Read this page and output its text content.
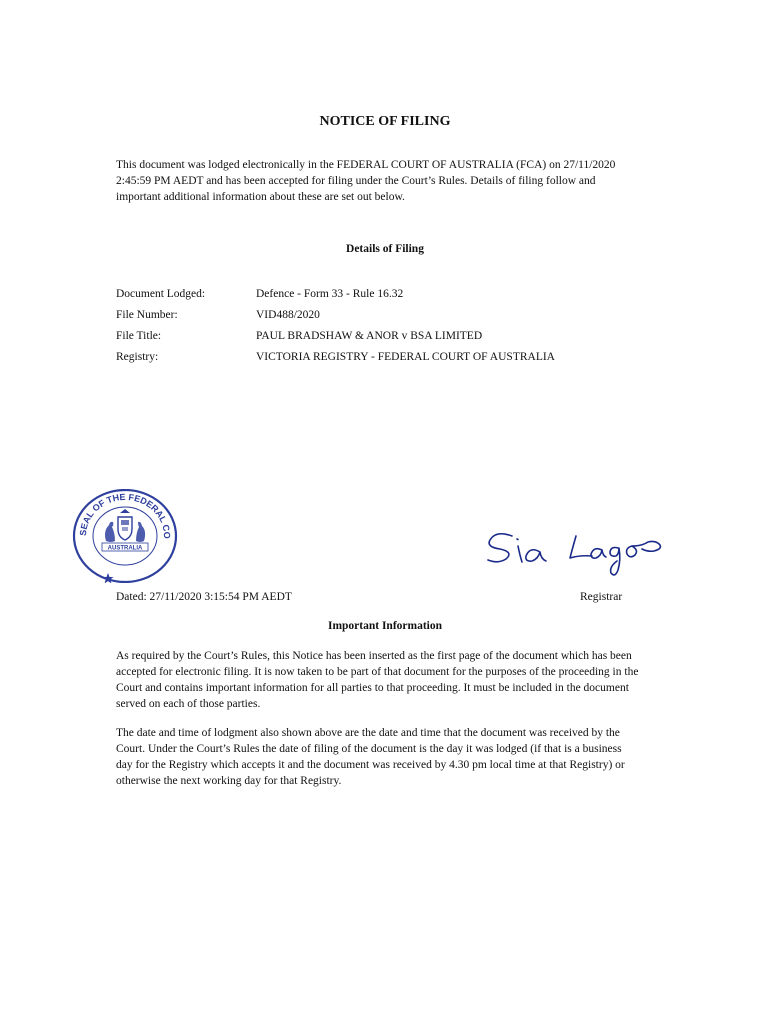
NOTICE OF FILING
This document was lodged electronically in the FEDERAL COURT OF AUSTRALIA (FCA) on 27/11/2020 2:45:59 PM AEDT and has been accepted for filing under the Court’s Rules. Details of filing follow and important additional information about these are set out below.
Details of Filing
Document Lodged:	Defence - Form 33 - Rule 16.32
File Number:	VID488/2020
File Title:	PAUL BRADSHAW & ANOR v BSA LIMITED
Registry:	VICTORIA REGISTRY - FEDERAL COURT OF AUSTRALIA
SEAL OF THE FEDERAL CO
AUSTRALIA
Dated: 27/11/2020 3:15:54 PM AEDT	Registrar
Important Information
As required by the Court’s Rules, this Notice has been inserted as the first page of the document which has been accepted for electronic filing. It is now taken to be part of that document for the purposes of the proceeding in the Court and contains important information for all parties to that proceeding. It must be included in the document served on each of those parties.
The date and time of lodgment also shown above are the date and time that the document was received by the Court. Under the Court’s Rules the date of filing of the document is the day it was lodged (if that is a business day for the Registry which accepts it and the document was received by 4.30 pm local time at that Registry) or otherwise the next working day for that Registry.
